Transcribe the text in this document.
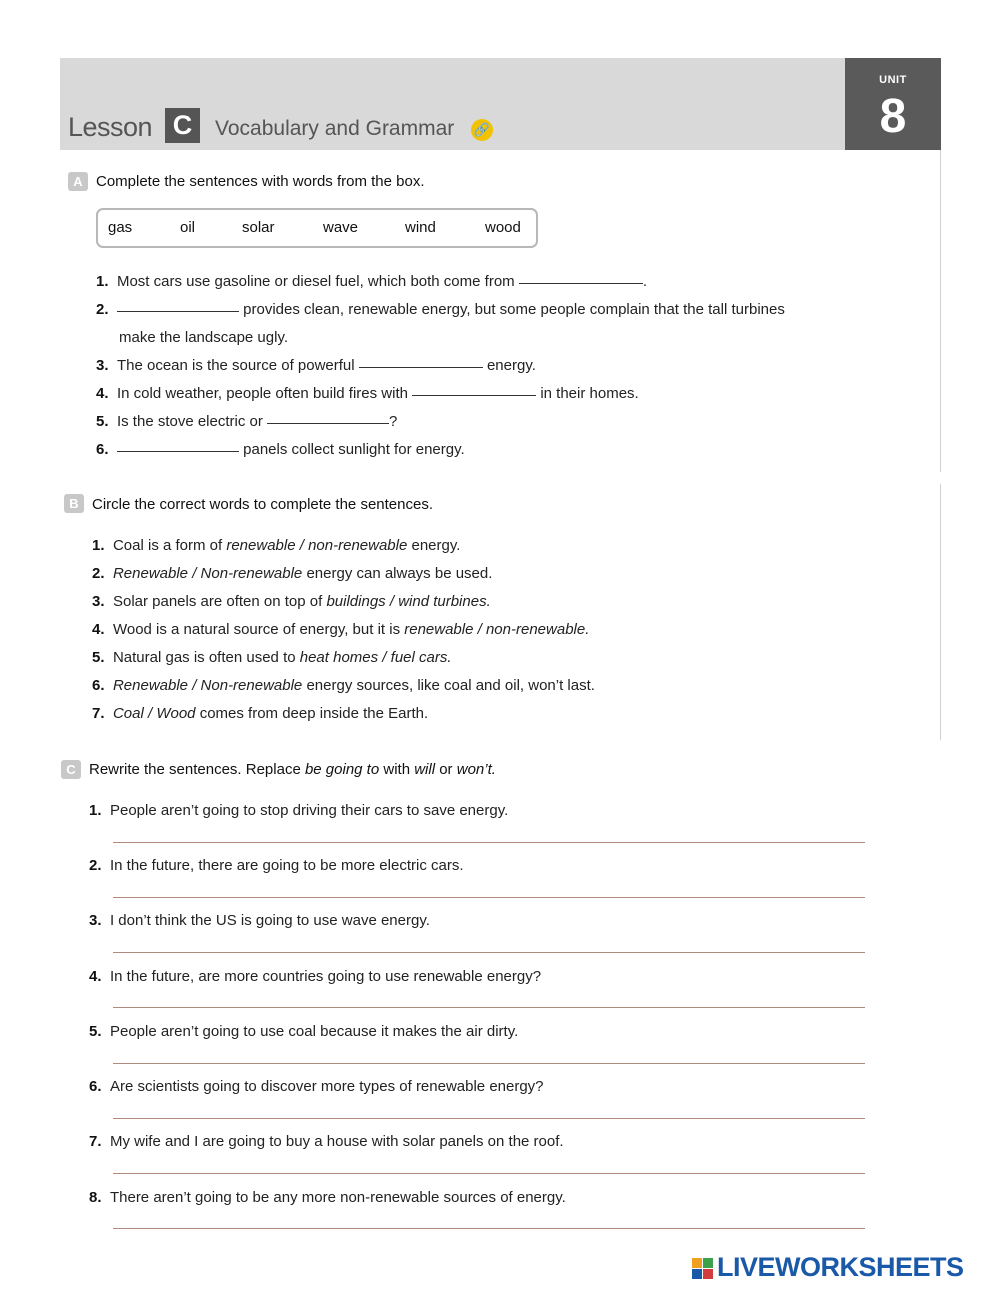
Lesson C	Vocabulary and Grammar 🔗
UNIT
8
A Complete the sentences with words from the box.
gas	oil	solar	wave	wind	wood
1. Most cars use gasoline or diesel fuel, which both come from	.
2.	provides clean, renewable energy, but some people complain that the tall turbines
make the landscape ugly.
3. The ocean is the source of powerful	energy.
4. In cold weather, people often build fires with	in their homes.
5. Is the stove electric or	?
6.	panels collect sunlight for energy.
B Circle the correct words to complete the sentences.
1. Coal is a form of renewable / non-renewable energy.
2. Renewable / Non-renewable energy can always be used.
3. Solar panels are often on top of buildings / wind turbines.
4. Wood is a natural source of energy, but it is renewable / non-renewable.
5. Natural gas is often used to heat homes / fuel cars.
6. Renewable / Non-renewable energy sources, like coal and oil, won’t last.
7. Coal / Wood comes from deep inside the Earth.
C Rewrite the sentences. Replace be going to with will or won’t.
1. People aren’t going to stop driving their cars to save energy.
2. In the future, there are going to be more electric cars.
3. I don’t think the US is going to use wave energy.
4. In the future, are more countries going to use renewable energy?
5. People aren’t going to use coal because it makes the air dirty.
6. Are scientists going to discover more types of renewable energy?
7. My wife and I are going to buy a house with solar panels on the roof.
8. There aren’t going to be any more non-renewable sources of energy.
LIVEWORKSHEETS
